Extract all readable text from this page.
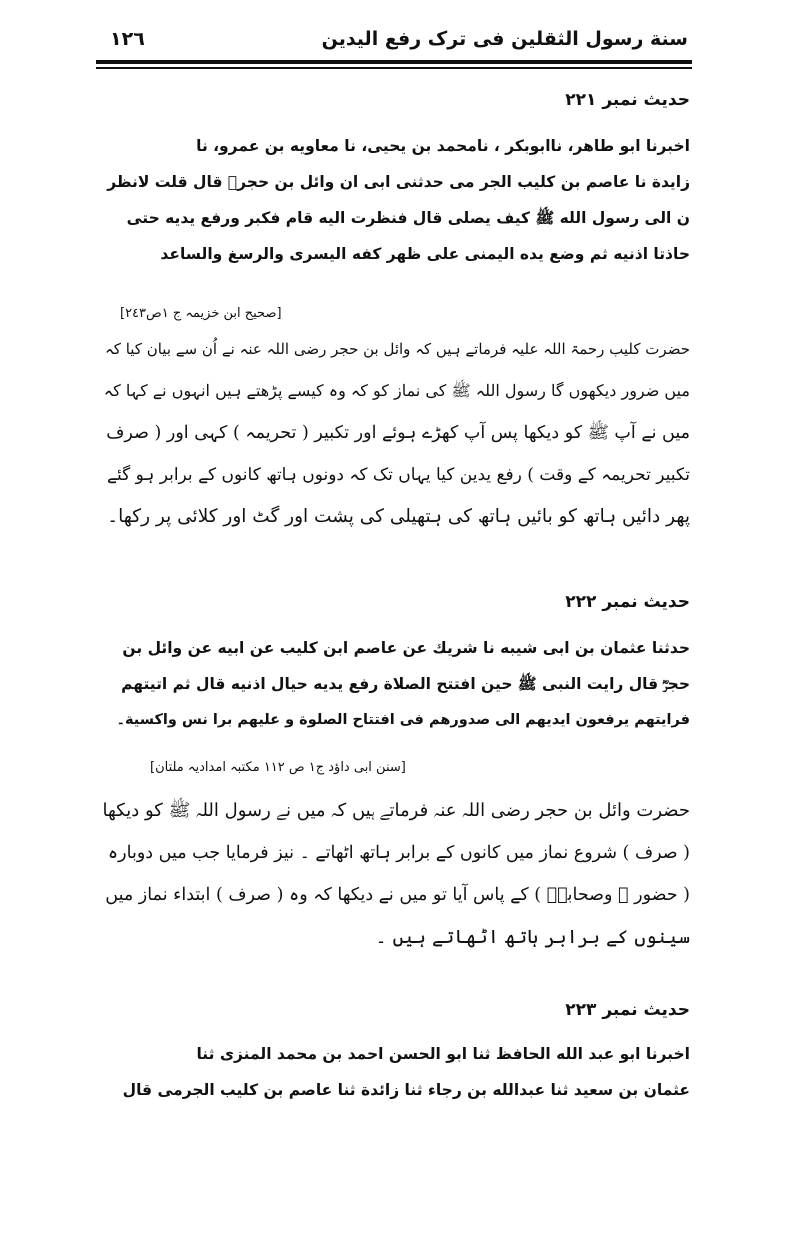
سنة رسول الثقلين فی ترک رفع الیدین
١٢٦
حدیث نمبر ٢٢١
اخبرنا ابو طاهر، ناابوبكر ، نامحمد بن يحيی، نا معاويه بن عمرو، نا
زايدة نا عاصم بن كليب الجر می حدثنی ابی ان وائل بن حجرؓ قال قلت لانظر
ن الی رسول الله ﷺ كيف يصلی قال فنظرت اليه قام فكبر ورفع يديه حتی
حاذتا اذنيه ثم وضع يده اليمنی علی ظهر كفه اليسری والرسغ والساعد
[صحیح ابن خزیمہ ج ١ص٢٤٣]
حضرت کلیب رحمۃ اللہ علیہ فرماتے ہیں کہ وائل بن حجر رضی اللہ عنہ نے اُن سے بیان کیا کہ
میں ضرور دیکھوں گا رسول اللہ ﷺ کی نماز کو کہ وہ کیسے پڑھتے ہیں انہوں نے کہا کہ
میں نے آپ ﷺ کو دیکھا پس آپ کھڑے ہوئے اور تکبیر ( تحریمہ ) کہی اور ( صرف
تکبیر تحریمہ کے وقت ) رفع یدین کیا یہاں تک کہ دونوں ہاتھ کانوں کے برابر ہو گئے
پھر دائیں ہاتھ کو بائیں ہاتھ کی ہتھیلی کی پشت اور گٹ اور کلائی پر رکھا۔
حدیث نمبر ٢٢٢
حدثنا عثمان بن ابی شيبه نا شريك عن عاصم ابن كليب عن ابيه عن وائل بن
حجرؓ قال رايت النبی ﷺ حين افتتح الصلاة رفع يديه حيال اذنيه قال ثم اتيتهم
فرايتهم يرفعون ايديهم الی صدورهم فی افتتاح الصلوة و عليهم برا نس واكسية۔
[سنن ابی داؤد ج١ ص ١١٢ مکتبہ امدادیہ ملتان]
حضرت وائل بن حجر رضی اللہ عنہ فرماتے ہیں کہ میں نے رسول اللہ ﷺ کو دیکھا
( صرف ) شروع نماز میں کانوں کے برابر ہاتھ اٹھاتے ۔ نیز فرمایا جب میں دوبارہ
( حضور ﷺ وصحابہؓ ) کے پاس آیا تو میں نے دیکھا کہ وہ ( صرف ) ابتداء نماز میں
سینوں کے برابر ہاتھ اٹھاتے ہیں ۔
حدیث نمبر ٢٢٣
اخبرنا ابو عبد الله الحافظ ثنا ابو الحسن احمد بن محمد المنزی ثنا
عثمان بن سعيد ثنا عبدالله بن رجاء ثنا زائدة ثنا عاصم بن كليب الجرمی قال
